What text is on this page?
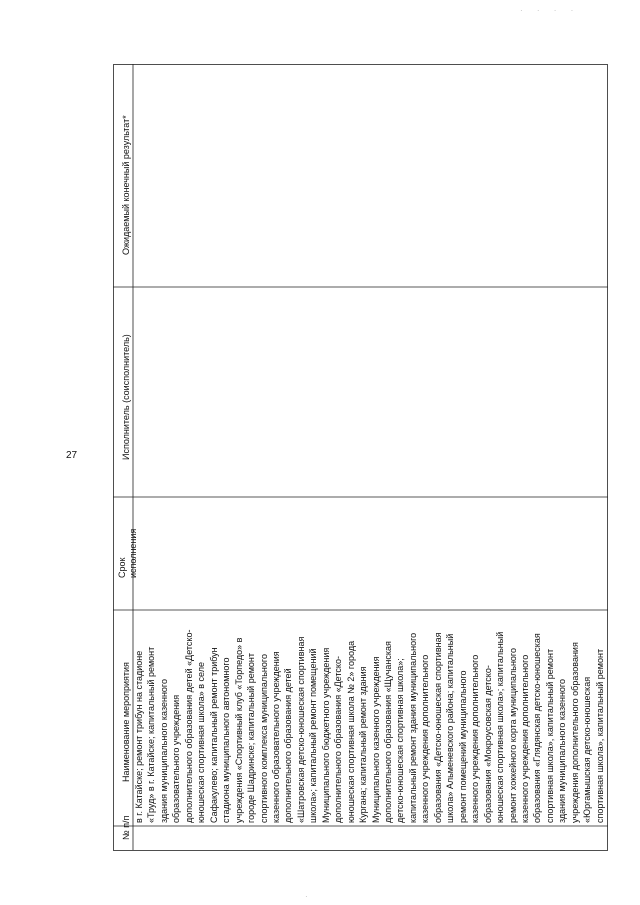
· · · ·
·
27
№ п/п
Наименование мероприятия
Срок исполнения
Исполнитель (соисполнитель)
Ожидаемый конечный результат*
в г. Катайске; ремонт трибун на стадионе «Труд» в г. Катайске; капитальный ремонт здания муниципального казенного образовательного учреждения дополнительного образования детей «Детско- юношеская спортивная школа» в селе Сафакулево; капитальный ремонт трибун стадиона муниципального автономного учреждения «Спортивный клуб «Торпедо» в городе Шадринске; капитальный ремонт спортивного комплекса муниципального казенного образовательного учреждения дополнительного образования детей «Шатровская детско-юношеская спортивная школа»; капитальный ремонт помещений Муниципального бюджетного учреждения дополнительного образования «Детско- юношеская спортивная школа № 2» города Кургана; капитальный ремонт здания Муниципального казенного учреждения дополнительного образования «Щучанская детско-юношеская спортивная школа»; капитальный ремонт здания муниципального казенного учреждения дополнительного образования «Детско-юношеская спортивная школа» Альменевского района; капитальный ремонт помещений муниципального казенного учреждения дополнительного образования «Мокроусовская детско- юношеская спортивная школа»; капитальный ремонт хоккейного корта муниципального казенного учреждения дополнительного образования «Глядянская детско-юношеская спортивная школа», капитальный ремонт здания муниципального казенного учреждения дополнительного образования «Юргамышская детско-юношеская спортивная школа», капитальный ремонт
